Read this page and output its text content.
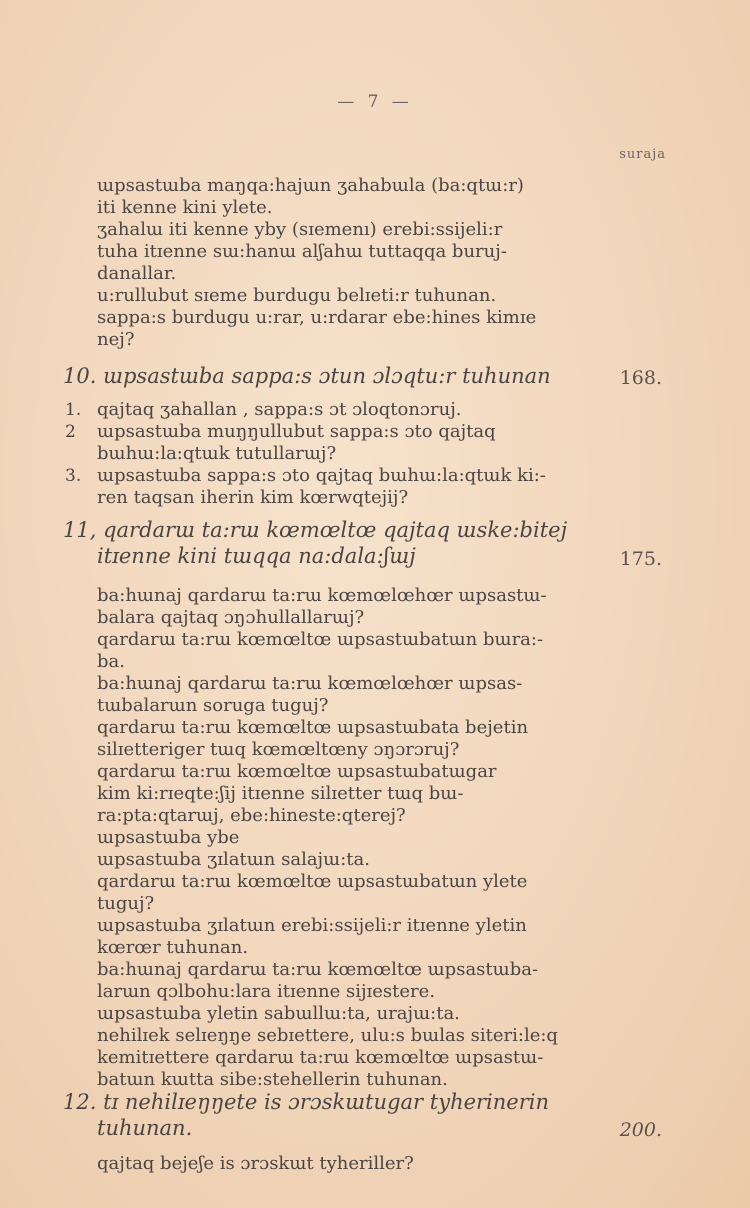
— 7 —
suraja
ɯpsastɯba maŋqa:hajɯn ʒahabɯla (ba:qtɯ:r)
iti kenne kini ylete.
ʒahalɯ iti kenne yby (sɪemenı) erebi:ssijeli:r
tuha itɪenne sɯ:hanɯ alʃahɯ tuttaqqa buruj-
danallar.
u:rullubut sɪeme burdugu belɪeti:r tuhunan.
sappa:s burdugu u:rar, u:rdarar ebe:hines kimɪe
nej?
10. ɯpsastɯba sappa:s ɔtun ɔlɔqtu:r tuhunan	168.
1. qajtaq ʒahallan , sappa:s ɔt ɔloqtonɔruj.
2 ɯpsastɯba muŋŋullubut sappa:s ɔto qajtaq
bɯhɯ:la:qtɯk tutullarɯj?
3. ɯpsastɯba sappa:s ɔto qajtaq bɯhɯ:la:qtɯk ki:-
ren taqsan iherin kim kœrwqtejij?
11, qardarɯ ta:rɯ kœmœltœ qajtaq ɯske:bitej
itɪenne kini tɯqqa na:dala:ʃɯj	175.
ba:hɯnaj qardarɯ ta:rɯ kœmœlœhœr ɯpsastɯ-
balara qajtaq ɔŋɔhullallarɯj?
qardarɯ ta:rɯ kœmœltœ ɯpsastɯbatɯn bɯra:-
ba.
ba:hɯnaj qardarɯ ta:rɯ kœmœlœhœr ɯpsas-
tɯbalarɯn soruga tuguj?
qardarɯ ta:rɯ kœmœltœ ɯpsastɯbata bejetin
silɪetteriger tɯq kœmœltœny ɔŋɔrɔruj?
qardarɯ ta:rɯ kœmœltœ ɯpsastɯbatɯgar
kim ki:rɪeqte:ʃij itɪenne silɪetter tɯq bɯ-
ra:pta:qtarɯj, ebe:hineste:qterej?
ɯpsastɯba ybe
ɯpsastɯba ʒɪlatɯn salajɯ:ta.
qardarɯ ta:rɯ kœmœltœ ɯpsastɯbatɯn ylete
tuguj?
ɯpsastɯba ʒɪlatɯn erebi:ssijeli:r itɪenne yletin
kœrœr tuhunan.
ba:hɯnaj qardarɯ ta:rɯ kœmœltœ ɯpsastɯba-
larɯn qɔlbohu:lara itɪenne sijɪestere.
ɯpsastɯba yletin sabɯllɯ:ta, urajɯ:ta.
nehilɪek selɪeŋŋe sebɪettere, ulu:s bɯlas siteri:le:q
kemitɪettere qardarɯ ta:rɯ kœmœltœ ɯpsastɯ-
batɯn kɯtta sibe:stehellerin tuhunan.
12. tɪ nehilɪeŋŋete is ɔrɔskɯtugar tyherinerin
tuhunan.	200.
qajtaq bejeʃe is ɔrɔskɯt tyheriller?
